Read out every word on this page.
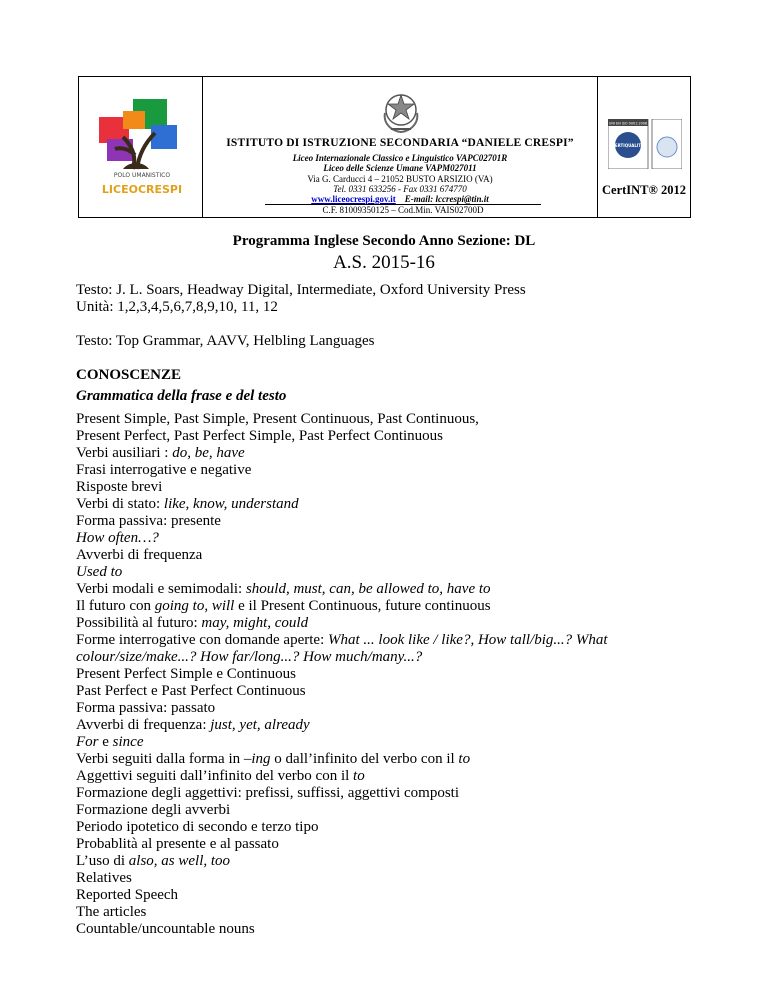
POLO UMANISTICO
LICEOCRESPI
ISTITUTO DI ISTRUZIONE SECONDARIA “DANIELE CRESPI”
Liceo Internazionale Classico e Linguistico VAPC02701R
Liceo delle Scienze Umane VAPM027011
Via G. Carducci 4 – 21052 BUSTO ARSIZIO (VA)
Tel. 0331 633256 - Fax 0331 674770
www.liceocrespi.gov.it E-mail: lccrespi@tin.it
C.F. 81009350125 – Cod.Min. VAIS02700D
UNI EN ISO 9001:2008
CERTIQUALITY
CertINT® 2012
Programma Inglese Secondo Anno Sezione: DL
A.S. 2015-16
Testo: J. L. Soars, Headway Digital, Intermediate, Oxford University Press
Unità: 1,2,3,4,5,6,7,8,9,10, 11, 12
Testo: Top Grammar, AAVV, Helbling Languages
CONOSCENZE
Grammatica della frase e del testo
Present Simple, Past Simple, Present Continuous, Past Continuous,
Present Perfect, Past Perfect Simple, Past Perfect Continuous
Verbi ausiliari : do, be, have
Frasi interrogative e negative
Risposte brevi
Verbi di stato: like, know, understand
Forma passiva: presente
How often…?
Avverbi di frequenza
Used to
Verbi modali e semimodali: should, must, can, be allowed to, have to
Il futuro con going to, will e il Present Continuous, future continuous
Possibilità al futuro: may, might, could
Forme interrogative con domande aperte: What ... look like / like?, How tall/big...? What
colour/size/make...? How far/long...? How much/many...?
Present Perfect Simple e Continuous
Past Perfect e Past Perfect Continuous
Forma passiva: passato
Avverbi di frequenza: just, yet, already
For e since
Verbi seguiti dalla forma in –ing o dall’infinito del verbo con il to
Aggettivi seguiti dall’infinito del verbo con il to
Formazione degli aggettivi: prefissi, suffissi, aggettivi composti
Formazione degli avverbi
Periodo ipotetico di secondo e terzo tipo
Probablità al presente e al passato
L’uso di also, as well, too
Relatives
Reported Speech
The articles
Countable/uncountable nouns
